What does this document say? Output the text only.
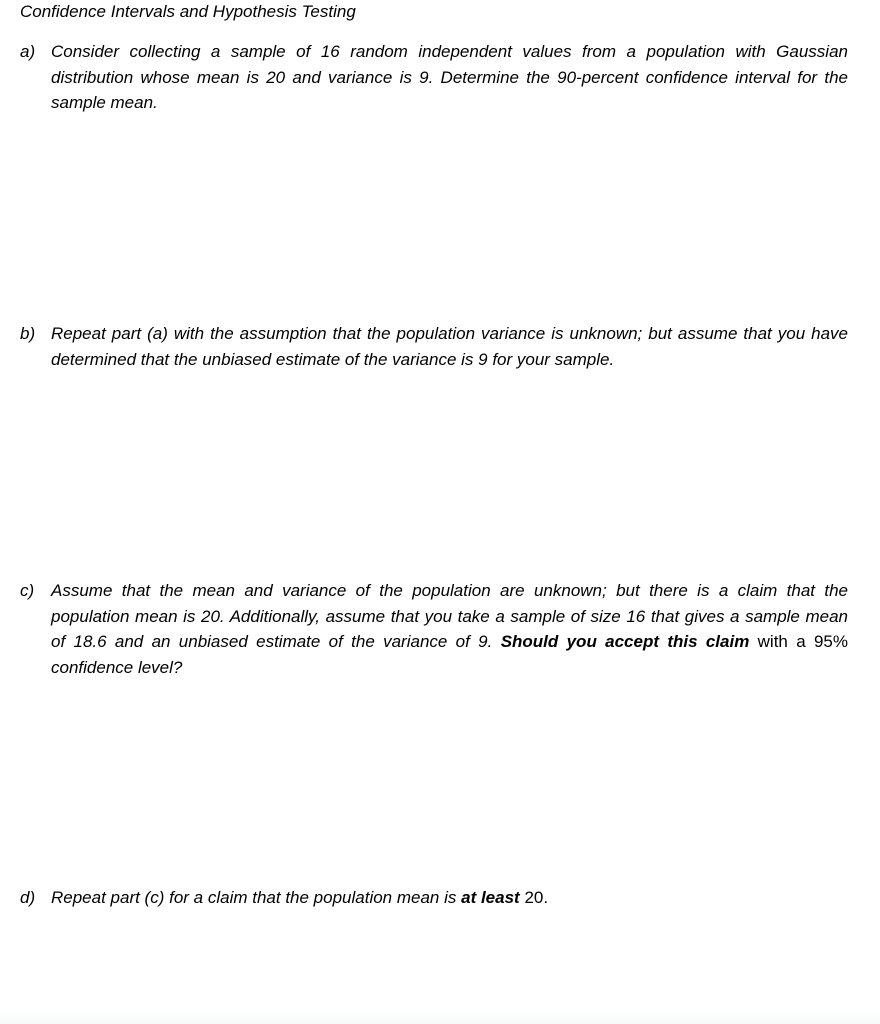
Confidence Intervals and Hypothesis Testing
a) Consider collecting a sample of 16 random independent values from a population with Gaussian distribution whose mean is 20 and variance is 9. Determine the 90-percent confidence interval for the sample mean.
b) Repeat part (a) with the assumption that the population variance is unknown; but assume that you have determined that the unbiased estimate of the variance is 9 for your sample.
c) Assume that the mean and variance of the population are unknown; but there is a claim that the population mean is 20. Additionally, assume that you take a sample of size 16 that gives a sample mean of 18.6 and an unbiased estimate of the variance of 9. Should you accept this claim with a 95% confidence level?
d) Repeat part (c) for a claim that the population mean is at least 20.
